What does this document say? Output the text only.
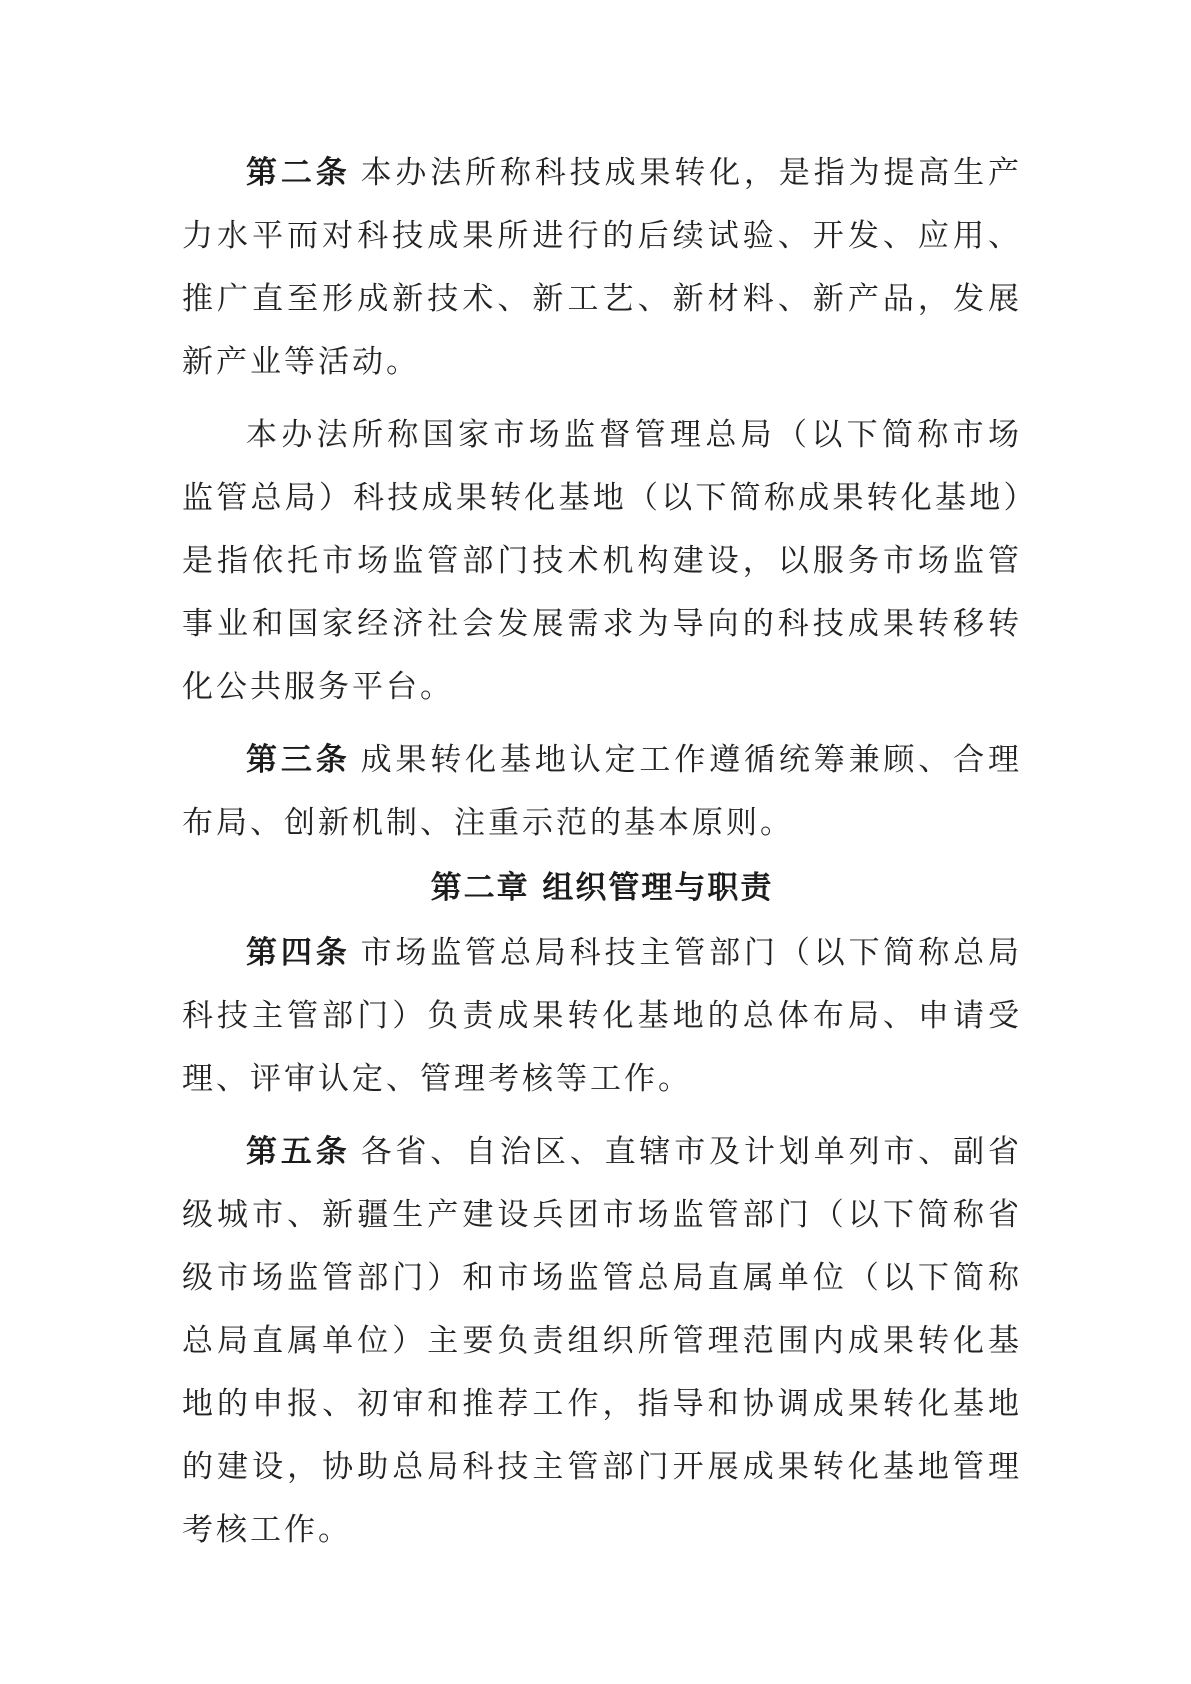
第二条 本办法所称科技成果转化，是指为提高生产力水平而对科技成果所进行的后续试验、开发、应用、推广直至形成新技术、新工艺、新材料、新产品，发展新产业等活动。

本办法所称国家市场监督管理总局（以下简称市场监管总局）科技成果转化基地（以下简称成果转化基地）是指依托市场监管部门技术机构建设，以服务市场监管事业和国家经济社会发展需求为导向的科技成果转移转化公共服务平台。

第三条 成果转化基地认定工作遵循统筹兼顾、合理布局、创新机制、注重示范的基本原则。

第二章 组织管理与职责

第四条 市场监管总局科技主管部门（以下简称总局科技主管部门）负责成果转化基地的总体布局、申请受理、评审认定、管理考核等工作。

第五条 各省、自治区、直辖市及计划单列市、副省级城市、新疆生产建设兵团市场监管部门（以下简称省级市场监管部门）和市场监管总局直属单位（以下简称总局直属单位）主要负责组织所管理范围内成果转化基地的申报、初审和推荐工作，指导和协调成果转化基地的建设，协助总局科技主管部门开展成果转化基地管理考核工作。
